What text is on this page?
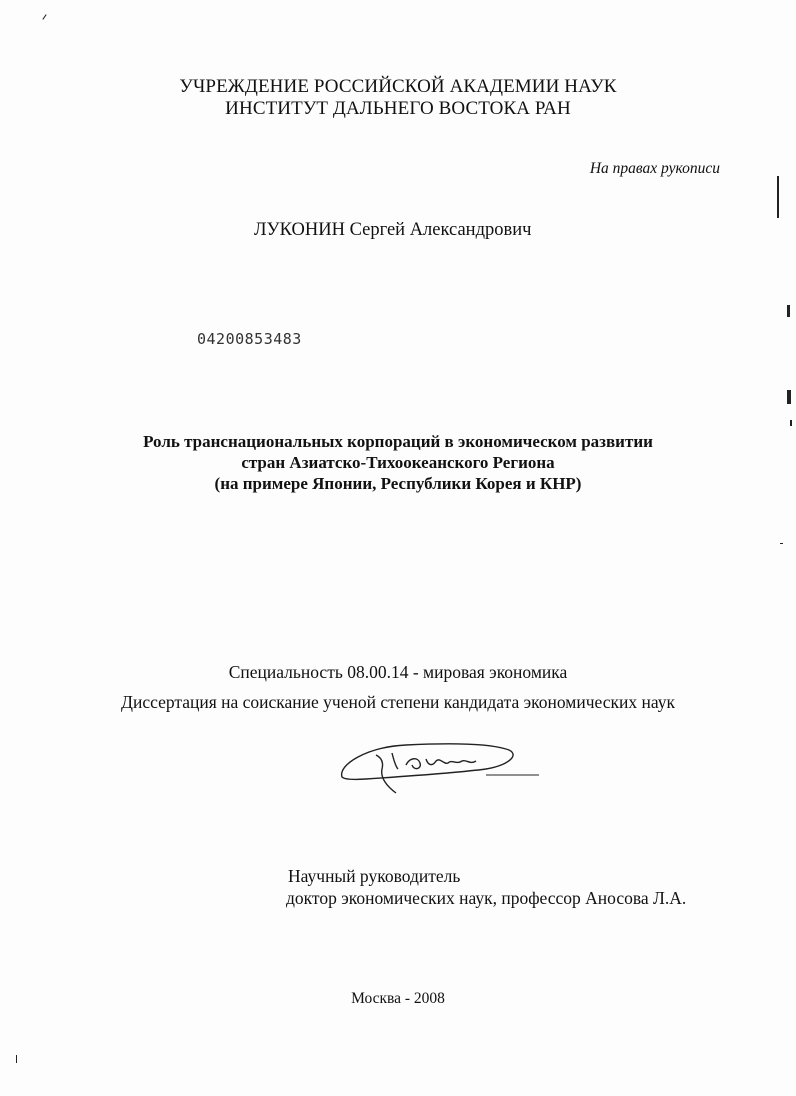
УЧРЕЖДЕНИЕ РОССИЙСКОЙ АКАДЕМИИ НАУК
ИНСТИТУТ ДАЛЬНЕГО ВОСТОКА РАН
На правах рукописи
ЛУКОНИН Сергей Александрович
04200853483
Роль транснациональных корпораций в экономическом развитии
стран Азиатско-Тихоокеанского Региона
(на примере Японии, Республики Корея и КНР)
Специальность 08.00.14 - мировая экономика
Диссертация на соискание ученой степени кандидата экономических наук
Научный руководитель
доктор экономических наук, профессор Аносова Л.А.
Москва - 2008
